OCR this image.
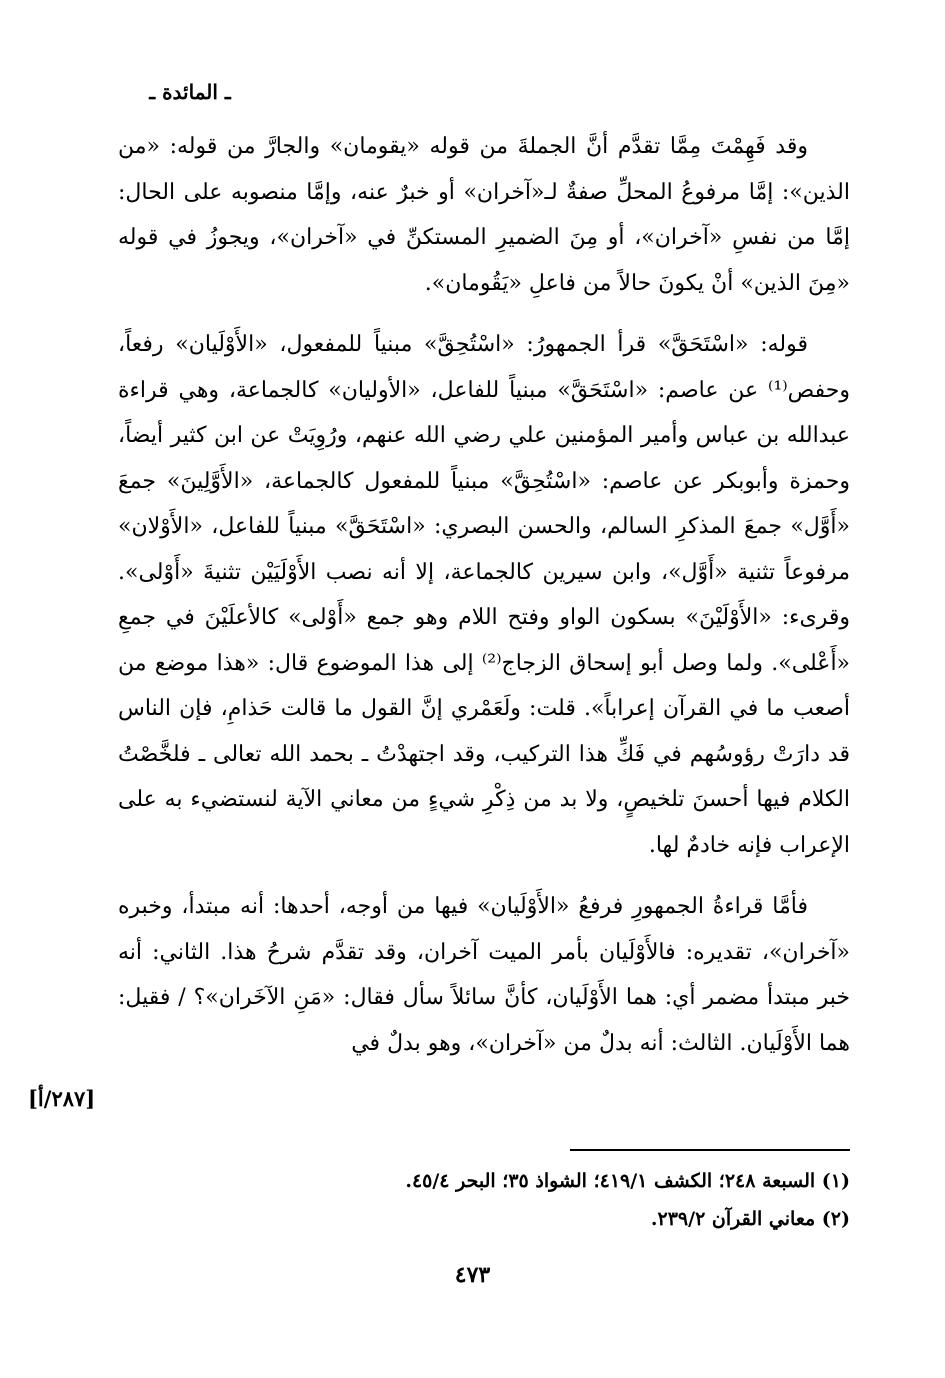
ـ المائدة ـ

وقد فَهِمْتَ مِمَّا تقدَّم أنَّ الجملةَ من قوله «يقومان» والجارَّ من قوله: «من الذين»: إمَّا مرفوعُ المحلِّ صفةٌ لـ«آخران» أو خبرٌ عنه، وإمَّا منصوبه على الحال: إمَّا من نفسِ «آخران»، أو مِنَ الضميرِ المستكنِّ في «آخران»، ويجوزُ في قوله «مِنَ الذين» أنْ يكونَ حالاً من فاعلِ «يَقُومان».

قوله: «اسْتَحَقَّ» قرأ الجمهورُ: «اسْتُحِقَّ» مبنياً للمفعول، «الأَوْلَيان» رفعاً، وحفص⁽¹⁾ عن عاصم: «اسْتَحَقَّ» مبنياً للفاعل، «الأوليان» كالجماعة، وهي قراءة عبدالله بن عباس وأمير المؤمنين علي رضي الله عنهم، ورُوِيَتْ عن ابن كثير أيضاً، وحمزة وأبوبكر عن عاصم: «اسْتُحِقَّ» مبنياً للمفعول كالجماعة، «الأَوَّلِينَ» جمعَ «أَوَّل» جمعَ المذكرِ السالم، والحسن البصري: «اسْتَحَقَّ» مبنياً للفاعل، «الأَوْلان» مرفوعاً تثنية «أَوَّل»، وابن سيرين كالجماعة، إلا أنه نصب الأَوْلَيَيْن تثنيةَ «أَوْلى». وقرىء: «الأَوْلَيْنَ» بسكون الواو وفتح اللام وهو جمع «أَوْلى» كالأعلَيْنَ في جمعِ «أَعْلى». ولما وصل أبو إسحاق الزجاج⁽²⁾ إلى هذا الموضوع قال: «هذا موضع من أصعب ما في القرآن إعراباً». قلت: ولَعَمْري إنَّ القول ما قالت حَذامِ، فإن الناس قد دارَتْ رؤوسُهم في فَكِّ هذا التركيب، وقد اجتهدْتُ ـ بحمد الله تعالى ـ فلخَّصْتُ الكلام فيها أحسنَ تلخيصٍ، ولا بد من ذِكْرِ شيءٍ من معاني الآية لنستضيء به على الإعراب فإنه خادمٌ لها.

فأمَّا قراءةُ الجمهورِ فرفعُ «الأَوْلَيان» فيها من أوجه، أحدها: أنه مبتدأ، وخبره «آخران»، تقديره: فالأَوْلَيان بأمر الميت آخران، وقد تقدَّم شرحُ هذا. الثاني: أنه خبر مبتدأ مضمر أي: هما الأَوْلَيان، كأنَّ سائلاً سأل فقال: «مَنِ الآخَران»؟ / فقيل: هما الأَوْلَيان. الثالث: أنه بدلٌ من «آخران»، وهو بدلٌ في

[٢٨٧/أ]

(١) السبعة ٢٤٨؛ الكشف ٤١٩/١؛ الشواذ ٣٥؛ البحر ٤٥/٤.

(٢) معاني القرآن ٢٣٩/٢.

٤٧٣
